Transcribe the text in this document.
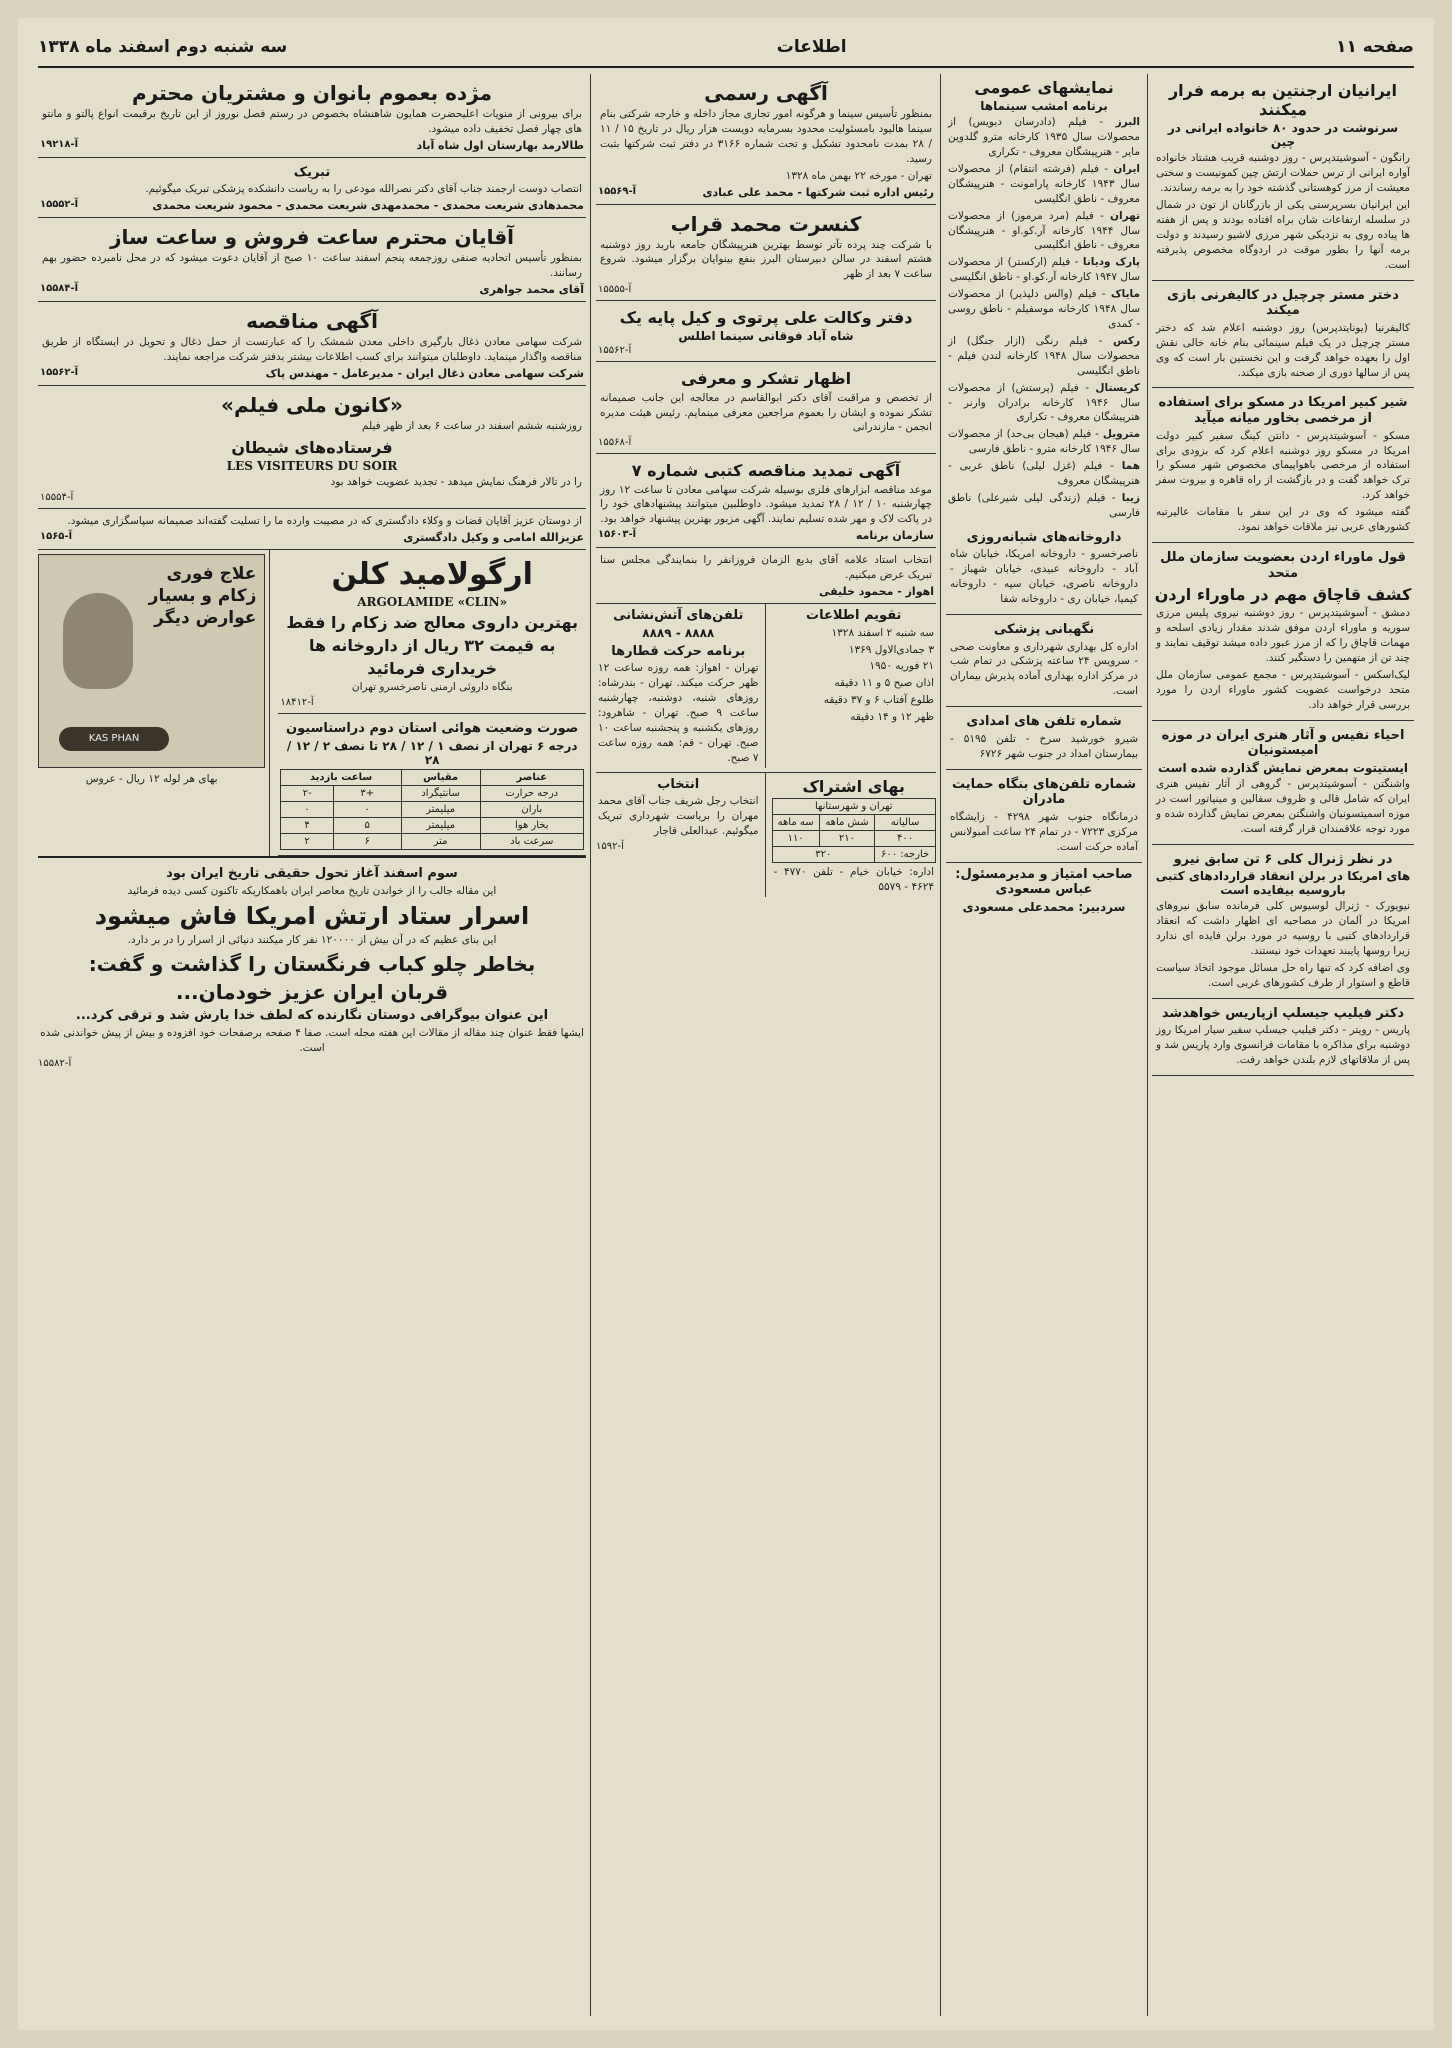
صفحه ۱۱
اطلاعات
سه شنبه دوم اسفند ماه ۱۳۳۸
ایرانیان ارجنتین به برمه فرار میکنند
سرنوشت در حدود ۸۰ خانواده ایرانی در چین

رانگون - آسوشیتدپرس - روز دوشنبه قریب هشتاد خانواده آواره ایرانی از ترس حملات ارتش چین کمونیست و سختی معیشت از مرز کوهستانی گذشته خود را به برمه رساندند.

این ایرانیان بسرپرستی یکی از بازرگانان از تون در شمال در سلسله ارتفاعات شان براه افتاده بودند و پس از هفته ها پیاده روی به نزدیکی شهر مرزی لاشیو رسیدند و دولت برمه آنها را بطور موقت در اردوگاه مخصوص پذیرفته است.

دختر مستر چرچیل در کالیفرنی بازی میکند

کالیفرنیا (یونایتدپرس) روز دوشنبه اعلام شد که دختر مستر چرچیل در یک فیلم سینمائی بنام خانه خالی نقش اول را بعهده خواهد گرفت و این نخستین بار است که وی پس از سالها دوری از صحنه بازی میکند.

شیر کبیر امریکا در مسکو برای استفاده از مرخصی بخاور میانه میآید

مسکو - آسوشیتدپرس - دانتن کینگ سفیر کبیر دولت امریکا در مسکو روز دوشنبه اعلام کرد که بزودی برای استفاده از مرخصی باهواپیمای مخصوص شهر مسکو را ترک خواهد گفت و در بازگشت از راه قاهره و بیروت سفر خواهد کرد.

گفته میشود که وی در این سفر با مقامات عالیرتبه کشورهای عربی نیز ملاقات خواهد نمود.

قول ماوراء اردن بعضویت سازمان ملل متحد
کشف قاچاق مهم در ماوراء اردن

دمشق - آسوشیتدپرس - روز دوشنبه نیروی پلیس مرزی سوریه و ماوراء اردن موفق شدند مقدار زیادی اسلحه و مهمات قاچاق را که از مرز عبور داده میشد توقیف نمایند و چند تن از متهمین را دستگیر کنند.

لیک‌اسکس - آسوشیتدپرس - مجمع عمومی سازمان ملل متحد درخواست عضویت کشور ماوراء اردن را مورد بررسی قرار خواهد داد.

احیاء نفیس و آثار هنری ایران در موزه امیستونیان
ایستیتوت بمعرض نمایش گذارده شده است

واشنگتن - آسوشیتدپرس - گروهی از آثار نفیس هنری ایران که شامل قالی و ظروف سفالین و مینیاتور است در موزه اسمیتسونیان واشنگتن بمعرض نمایش گذارده شده و مورد توجه علاقمندان قرار گرفته است.

در نظر ژنرال کلی ۶ تن سابق نیرو
های امریکا در برلن انعقاد قراردادهای کتبی باروسیه بیفایده است

نیویورک - ژنرال لوسیوس کلی فرمانده سابق نیروهای امریکا در آلمان در مصاحبه ای اظهار داشت که انعقاد قراردادهای کتبی با روسیه در مورد برلن فایده ای ندارد زیرا روسها پایبند تعهدات خود نیستند.

وی اضافه کرد که تنها راه حل مسائل موجود اتخاذ سیاست قاطع و استوار از طرف کشورهای غربی است.

دکتر فیلیپ جیسلپ ازپاریس خواهدشد

پاریس - رویتر - دکتر فیلیپ جیسلپ سفیر سیار امریکا روز دوشنبه برای مذاکره با مقامات فرانسوی وارد پاریس شد و پس از ملاقاتهای لازم بلندن خواهد رفت.

نمایشهای عمومی
برنامه امشب سینماها

البرز - فیلم (دادرسان دیویس) از محصولات سال ۱۹۳۵ کارخانه مترو گلدوین مایر - هنرپیشگان معروف - تکراری

ایران - فیلم (فرشته انتقام) از محصولات سال ۱۹۴۳ کارخانه پارامونت - هنرپیشگان معروف - ناطق انگلیسی

تهران - فیلم (مرد مرموز) از محصولات سال ۱۹۴۴ کارخانه آر.کو.او - هنرپیشگان معروف - ناطق انگلیسی

پارک ودیانا - فیلم (ارکستر) از محصولات سال ۱۹۴۷ کارخانه آر.کو.او - ناطق انگلیسی

مایاک - فیلم (والس دلپذیر) از محصولات سال ۱۹۴۸ کارخانه موسفیلم - ناطق روسی - کمدی

رکس - فیلم رنگی (ازار جنگل) از محصولات سال ۱۹۴۸ کارخانه لندن فیلم - ناطق انگلیسی

کریستال - فیلم (پرستش) از محصولات سال ۱۹۴۶ کارخانه برادران وارنر - هنرپیشگان معروف - تکراری

مترویل - فیلم (هیجان بی‌حد) از محصولات سال ۱۹۴۶ کارخانه مترو - ناطق فارسی

هما - فیلم (غزل لیلی) ناطق عربی - هنرپیشگان معروف

زیبا - فیلم (زندگی لیلی شیرعلی) ناطق فارسی

داروخانه‌های شبانه‌روزی

ناصرخسرو - داروخانه امریکا، خیابان شاه آباد - داروخانه عبیدی، خیابان شهباز - داروخانه ناصری، خیابان سپه - داروخانه کیمیا، خیابان ری - داروخانه شفا

نگهبانی پزشکی

اداره کل بهداری شهرداری و معاونت صحی - سرویس ۲۴ ساعته پزشکی در تمام شب در مرکز اداره بهداری آماده پذیرش بیماران است.

شماره تلفن های امدادی

شیرو خورشید سرخ - تلفن ۵۱۹۵ - بیمارستان امداد در جنوب شهر ۶۷۲۶

شماره تلفن‌های بنگاه حمایت مادران

درمانگاه جنوب شهر ۴۲۹۸ - زایشگاه مرکزی ۷۲۲۳ - در تمام ۲۴ ساعت آمبولانس آماده حرکت است.

صاحب امتیاز و مدیرمسئول: عباس مسعودی
سردبیر: محمدعلی مسعودی
آگهی رسمی

بمنظور تأسیس سینما و هرگونه امور تجاری مجاز داخله و خارجه شرکتی بنام سینما هالیود بامسئولیت محدود بسرمایه دویست هزار ریال در تاریخ ۱۵ / ۱۱ / ۲۸ بمدت نامحدود تشکیل و تحت شماره ۳۱۶۶ در دفتر ثبت شرکتها بثبت رسید.

تهران - مورخه ۲۲ بهمن ماه ۱۳۲۸

رئیس اداره ثبت شرکتها - محمد علی عبادی
آ-۱۵۵۶۹
کنسرت محمد قراب

با شرکت چند پرده تآتر توسط بهترین هنرپیشگان جامعه باربد روز دوشنبه هشتم اسفند در سالن دبیرستان البرز بنفع بینوایان برگزار میشود. شروع ساعت ۷ بعد از ظهر

آ-۱۵۵۵۵
دفتر وکالت علی پرتوی و کیل پایه یک
شاه آباد فوقانی سینما اطلس
آ-۱۵۵۶۲
اظهار تشکر و معرفی

از تخصص و مراقبت آقای دکتر ابوالقاسم در معالجه این جانب صمیمانه تشکر نموده و ایشان را بعموم مراجعین معرفی مینمایم. رئیس هیئت مدیره انجمن - مازندرانی

آ-۱۵۵۶۸
آگهی تمدید مناقصه کتبی شماره ۷

موعد مناقصه ابزارهای فلزی بوسیله شرکت سهامی معادن تا ساعت ۱۲ روز چهارشنبه ۱۰ / ۱۲ / ۲۸ تمدید میشود. داوطلبین میتوانند پیشنهادهای خود را در پاکت لاک و مهر شده تسلیم نمایند. آگهی مزبور بهترین پیشنهاد خواهد بود.

سازمان برنامه
آ-۱۵۶۰۳

انتخاب استاد علامه آقای بدیع الزمان فروزانفر را بنمایندگی مجلس سنا تبریک عرض میکنیم.

اهواز - محمود خلیقی
تقویم اطلاعات

سه شنبه ۲ اسفند ۱۳۲۸

۳ جمادی‌الاول ۱۳۶۹

۲۱ فوریه ۱۹۵۰

اذان صبح ۵ و ۱۱ دقیقه

طلوع آفتاب ۶ و ۳۷ دقیقه

ظهر ۱۲ و ۱۴ دقیقه

تلفن‌های آتش‌نشانی
۸۸۸۸ - ۸۸۸۹
برنامه حرکت قطارها

تهران - اهواز: همه روزه ساعت ۱۲ ظهر حرکت میکند. تهران - بندرشاه: روزهای شنبه، دوشنبه، چهارشنبه ساعت ۹ صبح. تهران - شاهرود: روزهای یکشنبه و پنجشنبه ساعت ۱۰ صبح. تهران - قم: همه روزه ساعت ۷ صبح.

بهای اشتراک
تهران و شهرستانها		
سالیانه	شش ماهه	سه ماهه
۴۰۰	۲۱۰	۱۱۰
خارجه: ۶۰۰	۳۲۰	

اداره: خیابان خیام - تلفن ۴۷۷۰ - ۴۶۲۴ - ۵۵۷۹

انتخاب

انتخاب رجل شریف جناب آقای محمد مهران را بریاست شهرداری تبریک میگوئیم. عبدالعلی قاجار

آ-۱۵۹۲
مژده بعموم بانوان و مشتریان محترم

برای بیرونی از منویات اعلیحضرت همایون شاهنشاه بخصوص در رستم فصل نوروز از این تاریخ برقیمت انواع پالتو و مانتو های چهار فصل تخفیف داده میشود.

طالارمد بهارستان اول شاه آباد
آ-۱۹۲۱۸
تبریک

انتصاب دوست ارجمند جناب آقای دکتر نصرالله مودعی را به ریاست دانشکده پزشکی تبریک میگوئیم.

محمدهادی شریعت محمدی - محمدمهدی شریعت محمدی - محمود شریعت محمدی
آ-۱۵۵۵۲
آقایان محترم ساعت فروش و ساعت ساز

بمنظور تأسیس اتحادیه صنفی روزجمعه پنجم اسفند ساعت ۱۰ صبح از آقایان دعوت میشود که در محل نامبرده حضور بهم رسانند.

آقای محمد جواهری
آ-۱۵۵۸۴
آگهی مناقصه

شرکت سهامی معادن ذغال بارگیری داخلی معدن شمشک را که عبارتست از حمل ذغال و تحویل در ایستگاه از طریق مناقصه واگذار مینماید. داوطلبان میتوانند برای کسب اطلاعات بیشتر بدفتر شرکت مراجعه نمایند.

شرکت سهامی معادن ذغال ایران - مدیرعامل - مهندس پاک
آ-۱۵۵۶۲
«کانون ملی فیلم»

روزشنبه ششم اسفند در ساعت ۶ بعد از ظهر فیلم

فرستاده‌های شیطان
LES VISITEURS DU SOIR

را در تالار فرهنگ نمایش میدهد - تجدید عضویت خواهد بود

آ-۱۵۵۵۴

از دوستان عزیز آقایان قضات و وکلاء دادگستری که در مصیبت وارده ما را تسلیت گفته‌اند صمیمانه سپاسگزاری میشود.

عزیزالله امامی و وکیل دادگستری
آ-۱۵۶۵
ارگولامید کلن
ARGOLAMIDE «CLIN»
بهترین داروی معالج ضد زکام را فقط
به قیمت ۳۲ ریال از داروخانه ها
خریداری فرمائید

بنگاه داروئی ارمنی ناصرخسرو تهران

آ-۱۸۴۱۲
صورت وضعیت هوائی استان دوم دراستاسیون
درجه ۶ تهران از نصف ۱ / ۱۲ / ۲۸ تا نصف ۲ / ۱۲ / ۲۸
عناصر	مقیاس	ساعت بازدید	
درجه حرارت	سانتیگراد	+۳	-۲
باران	میلیمتر	۰	۰
بخار هوا	میلیمتر	۵	۴
سرعت باد	متر	۶	۲
علاج فوری زکام و بسیار عوارض دیگر
KAS PHAN

بهای هر لوله ۱۲ ریال - عروس

سوم اسفند آغاز تحول حقیقی تاریخ ایران بود

این مقاله جالب را از خواندن تاریخ معاصر ایران باهمکاریکه تاکنون کسی دیده فرمائید

اسرار ستاد ارتش امریکا فاش میشود

این بنای عظیم که در آن بیش از ۱۲۰۰۰۰ نفر کار میکنند دنیائی از اسرار را در بر دارد.

بخاطر چلو کباب فرنگستان را گذاشت و گفت:
قربان ایران عزیز خودمان...
این عنوان بیوگرافی دوستان نگارنده که لطف خدا یارش شد و ترقی کرد...

ایشها فقط عنوان چند مقاله از مقالات این هفته مجله است. صفا ۴ صفحه برصفحات خود افزوده و بیش از پیش خواندنی شده است.

آ-۱۵۵۸۲
